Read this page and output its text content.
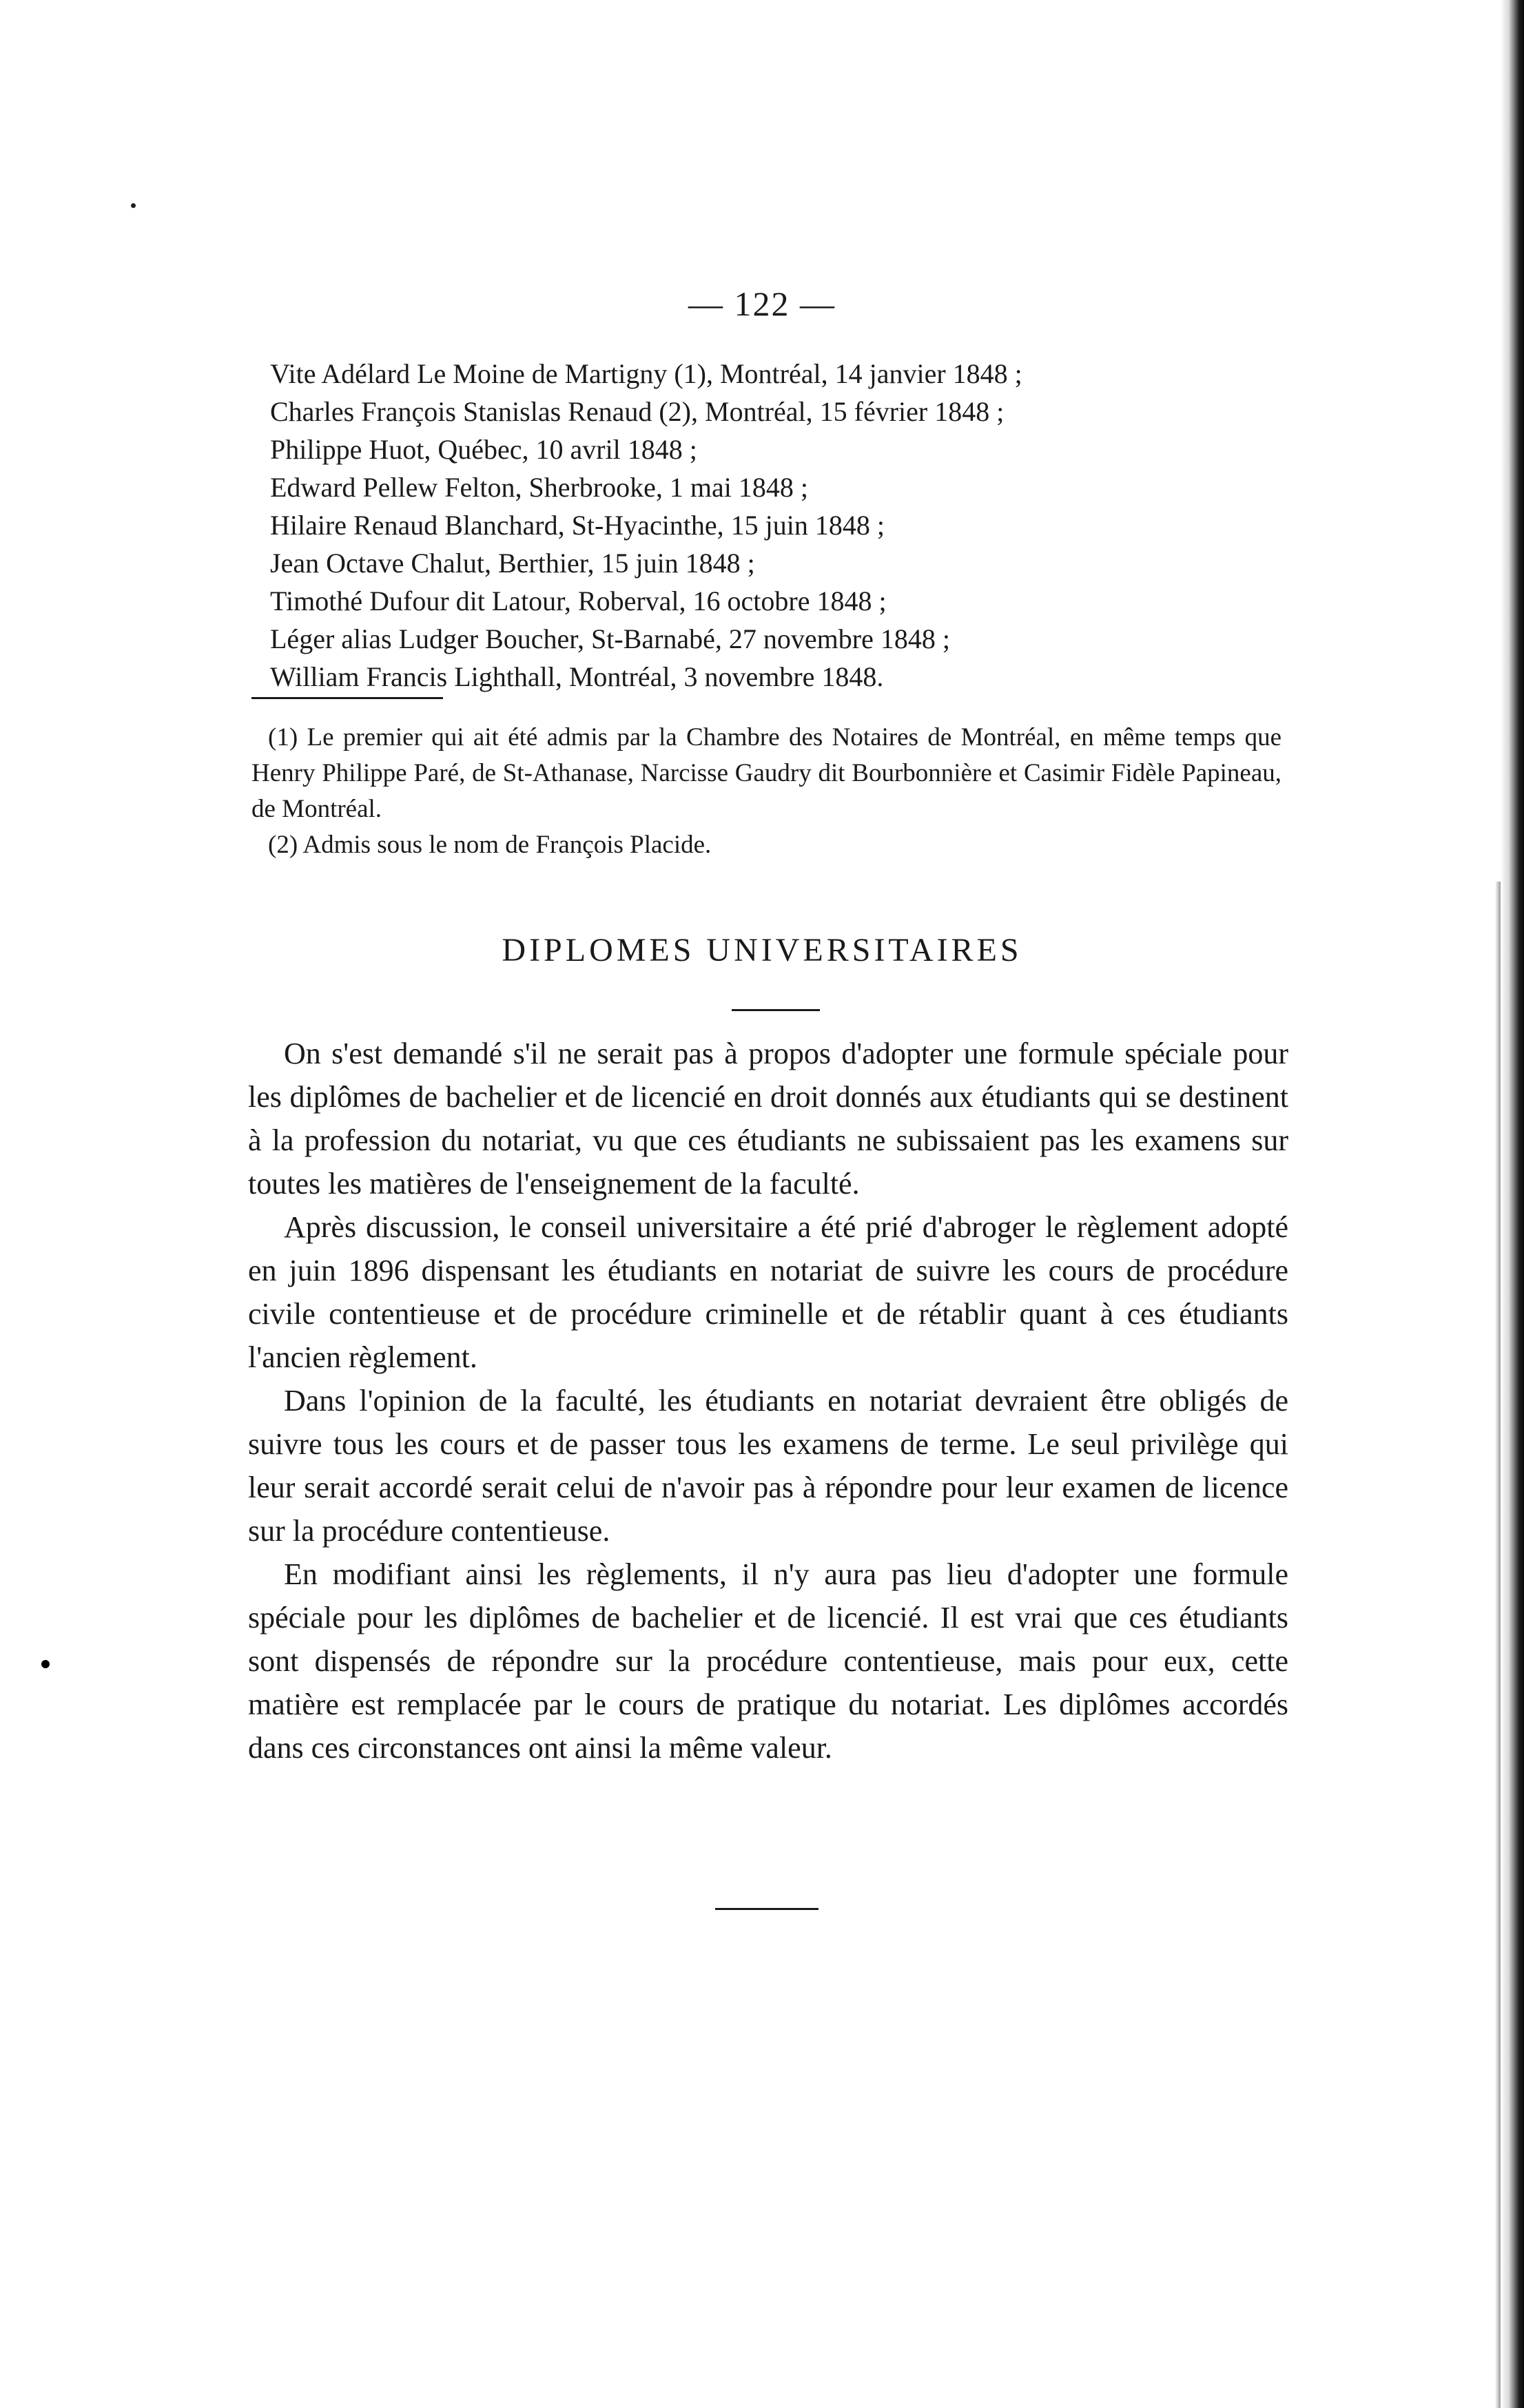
— 122 —
Vite Adélard Le Moine de Martigny (1), Montréal, 14 janvier 1848 ;
Charles François Stanislas Renaud (2), Montréal, 15 février 1848 ;
Philippe Huot, Québec, 10 avril 1848 ;
Edward Pellew Felton, Sherbrooke, 1 mai 1848 ;
Hilaire Renaud Blanchard, St-Hyacinthe, 15 juin 1848 ;
Jean Octave Chalut, Berthier, 15 juin 1848 ;
Timothé Dufour dit Latour, Roberval, 16 octobre 1848 ;
Léger alias Ludger Boucher, St-Barnabé, 27 novembre 1848 ;
William Francis Lighthall, Montréal, 3 novembre 1848.
(1) Le premier qui ait été admis par la Chambre des Notaires de Montréal, en même temps que Henry Philippe Paré, de St-Athanase, Narcisse Gaudry dit Bourbonnière et Casimir Fidèle Papineau, de Montréal.
(2) Admis sous le nom de François Placide.
DIPLOMES UNIVERSITAIRES

On s'est demandé s'il ne serait pas à propos d'adopter une formule spéciale pour les diplômes de bachelier et de licencié en droit donnés aux étudiants qui se destinent à la profession du notariat, vu que ces étudiants ne subissaient pas les examens sur toutes les matières de l'enseignement de la faculté.

Après discussion, le conseil universitaire a été prié d'abroger le règlement adopté en juin 1896 dispensant les étudiants en notariat de suivre les cours de procédure civile contentieuse et de procédure criminelle et de rétablir quant à ces étudiants l'ancien règlement.

Dans l'opinion de la faculté, les étudiants en notariat devraient être obligés de suivre tous les cours et de passer tous les examens de terme. Le seul privilège qui leur serait accordé serait celui de n'avoir pas à répondre pour leur examen de licence sur la procédure contentieuse.

En modifiant ainsi les règlements, il n'y aura pas lieu d'adopter une formule spéciale pour les diplômes de bachelier et de licencié. Il est vrai que ces étudiants sont dispensés de répondre sur la procédure contentieuse, mais pour eux, cette matière est remplacée par le cours de pratique du notariat. Les diplômes accordés dans ces circonstances ont ainsi la même valeur.
